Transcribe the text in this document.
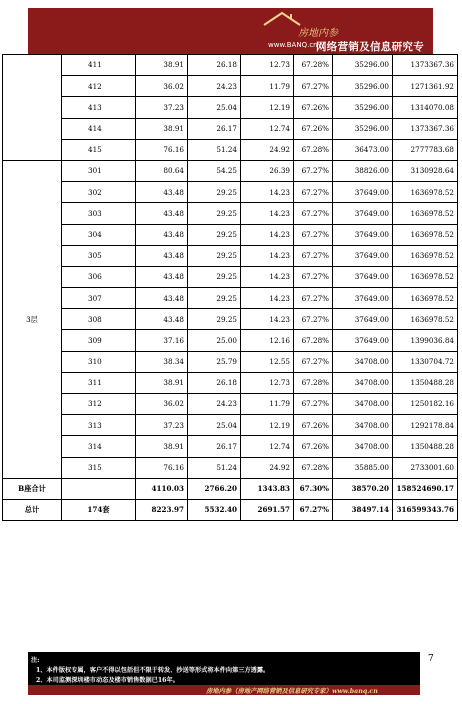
房地内参
www.BANQ.cn
网络营销及信息研究专
	411	38.91	26.18	12.73	67.28%	35296.00	1373367.36
	412	36.02	24.23	11.79	67.27%	35296.00	1271361.92
	413	37.23	25.04	12.19	67.26%	35296.00	1314070.08
	414	38.91	26.17	12.74	67.26%	35296.00	1373367.36
	415	76.16	51.24	24.92	67.28%	36473.00	2777783.68
3层	301	80.64	54.25	26.39	67.27%	38826.00	3130928.64
	302	43.48	29.25	14.23	67.27%	37649.00	1636978.52
	303	43.48	29.25	14.23	67.27%	37649.00	1636978.52
	304	43.48	29.25	14.23	67.27%	37649.00	1636978.52
	305	43.48	29.25	14.23	67.27%	37649.00	1636978.52
	306	43.48	29.25	14.23	67.27%	37649.00	1636978.52
	307	43.48	29.25	14.23	67.27%	37649.00	1636978.52
	308	43.48	29.25	14.23	67.27%	37649.00	1636978.52
	309	37.16	25.00	12.16	67.28%	37649.00	1399036.84
	310	38.34	25.79	12.55	67.27%	34708.00	1330704.72
	311	38.91	26.18	12.73	67.28%	34708.00	1350488.28
	312	36.02	24.23	11.79	67.27%	34708.00	1250182.16
	313	37.23	25.04	12.19	67.26%	34708.00	1292178.84
	314	38.91	26.17	12.74	67.26%	34708.00	1350488.28
	315	76.16	51.24	24.92	67.28%	35885.00	2733001.60
B座合计		4110.03	2766.20	1343.83	67.30%	38570.20	158524690.17
总计	174套	8223.97	5532.40	2691.57	67.27%	38497.14	316599343.76
7
注:
1、本件版权专属，客户不得以包括但不限于转发、抄送等形式将本件向第三方透露。
2、本司监测深圳楼市动态及楼市销售数据已16年。
房地内参（房地产网络营销及信息研究专家）www.banq.cn
